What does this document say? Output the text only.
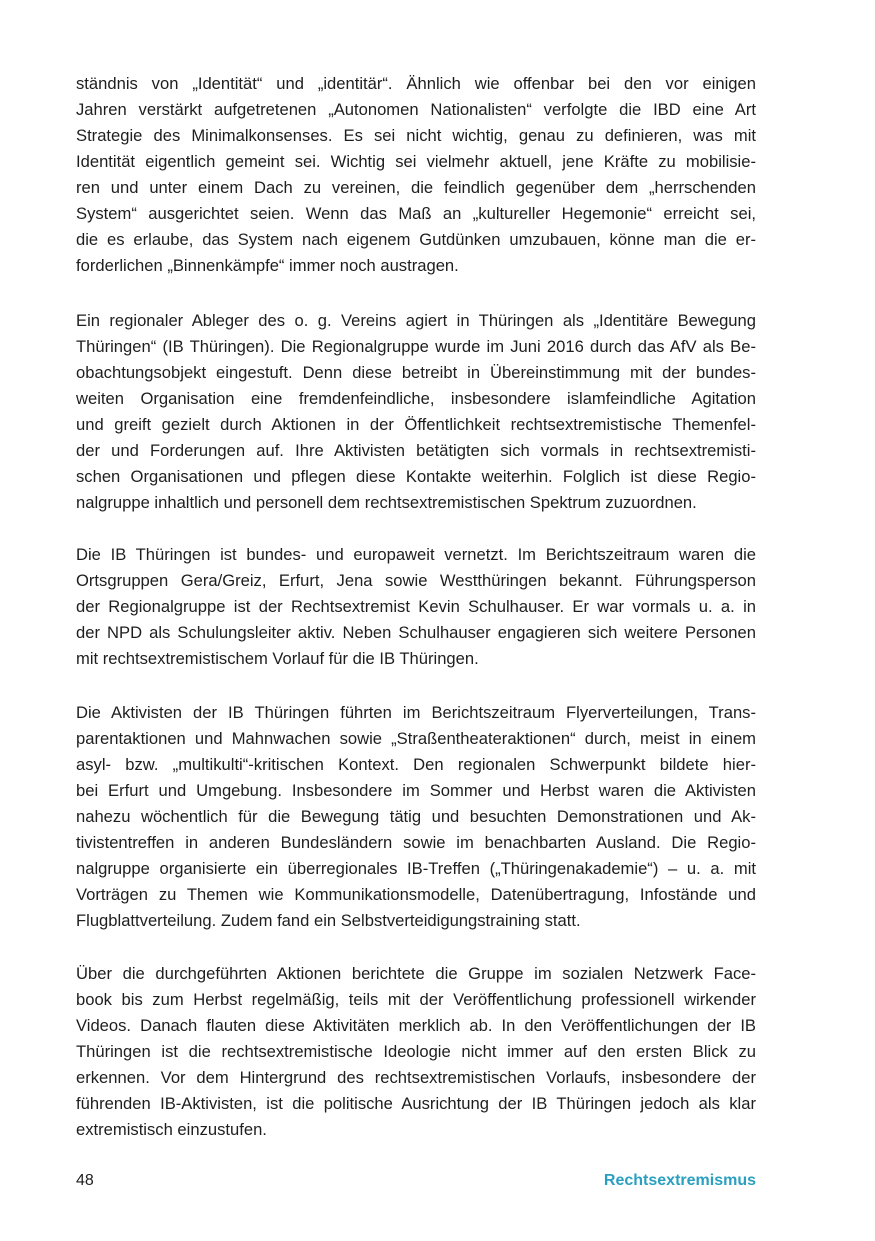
ständnis von „Identität“ und „identitär“. Ähnlich wie offenbar bei den vor einigen
Jahren verstärkt aufgetretenen „Autonomen Nationalisten“ verfolgte die IBD eine Art
Strategie des Minimalkonsenses. Es sei nicht wichtig, genau zu definieren, was mit
Identität eigentlich gemeint sei. Wichtig sei vielmehr aktuell, jene Kräfte zu mobilisie-
ren und unter einem Dach zu vereinen, die feindlich gegenüber dem „herrschenden
System“ ausgerichtet seien. Wenn das Maß an „kultureller Hegemonie“ erreicht sei,
die es erlaube, das System nach eigenem Gutdünken umzubauen, könne man die er-
forderlichen „Binnenkämpfe“ immer noch austragen.

Ein regionaler Ableger des o. g. Vereins agiert in Thüringen als „Identitäre Bewegung
Thüringen“ (IB Thüringen). Die Regionalgruppe wurde im Juni 2016 durch das AfV als Be-
obachtungsobjekt eingestuft. Denn diese betreibt in Übereinstimmung mit der bundes-
weiten Organisation eine fremdenfeindliche, insbesondere islamfeindliche Agitation
und greift gezielt durch Aktionen in der Öffentlichkeit rechtsextremistische Themenfel-
der und Forderungen auf. Ihre Aktivisten betätigten sich vormals in rechtsextremisti-
schen Organisationen und pflegen diese Kontakte weiterhin. Folglich ist diese Regio-
nalgruppe inhaltlich und personell dem rechtsextremistischen Spektrum zuzuordnen.

Die IB Thüringen ist bundes- und europaweit vernetzt. Im Berichtszeitraum waren die
Ortsgruppen Gera/Greiz, Erfurt, Jena sowie Westthüringen bekannt. Führungsperson
der Regionalgruppe ist der Rechtsextremist Kevin Schulhauser. Er war vormals u. a. in
der NPD als Schulungsleiter aktiv. Neben Schulhauser engagieren sich weitere Personen
mit rechtsextremistischem Vorlauf für die IB Thüringen.

Die Aktivisten der IB Thüringen führten im Berichtszeitraum Flyerverteilungen, Trans-
parentaktionen und Mahnwachen sowie „Straßentheateraktionen“ durch, meist in einem
asyl- bzw. „multikulti“-kritischen Kontext. Den regionalen Schwerpunkt bildete hier-
bei Erfurt und Umgebung. Insbesondere im Sommer und Herbst waren die Aktivisten
nahezu wöchentlich für die Bewegung tätig und besuchten Demonstrationen und Ak-
tivistentreffen in anderen Bundesländern sowie im benachbarten Ausland. Die Regio-
nalgruppe organisierte ein überregionales IB-Treffen („Thüringenakademie“) – u. a. mit
Vorträgen zu Themen wie Kommunikationsmodelle, Datenübertragung, Infostände und
Flugblattverteilung. Zudem fand ein Selbstverteidigungstraining statt.

Über die durchgeführten Aktionen berichtete die Gruppe im sozialen Netzwerk Face-
book bis zum Herbst regelmäßig, teils mit der Veröffentlichung professionell wirkender
Videos. Danach flauten diese Aktivitäten merklich ab. In den Veröffentlichungen der IB
Thüringen ist die rechtsextremistische Ideologie nicht immer auf den ersten Blick zu
erkennen. Vor dem Hintergrund des rechtsextremistischen Vorlaufs, insbesondere der
führenden IB-Aktivisten, ist die politische Ausrichtung der IB Thüringen jedoch als klar
extremistisch einzustufen.

48	Rechtsextremismus
